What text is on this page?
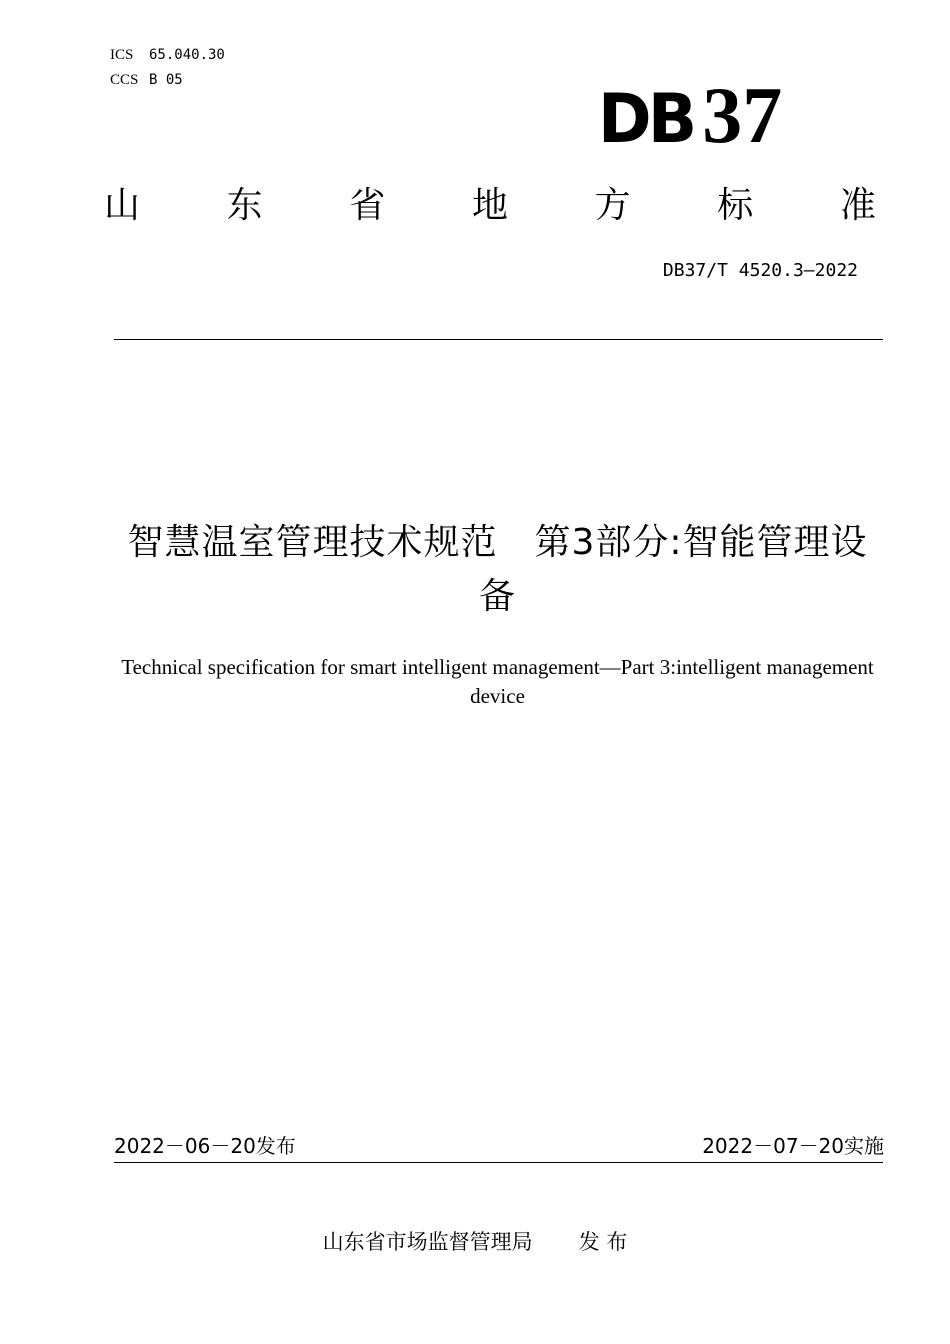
ICS 65.040.30
CCS B 05	DB 37
山 东 省 地 方 标 准
DB37/T 4520.3—2022
智慧温室管理技术规范　第3部分:智能管理设备
Technical specification for smart intelligent management—Part 3:intelligent management device
2022－06－20发布	2022－07－20实施
山东省市场监督管理局 发 布
